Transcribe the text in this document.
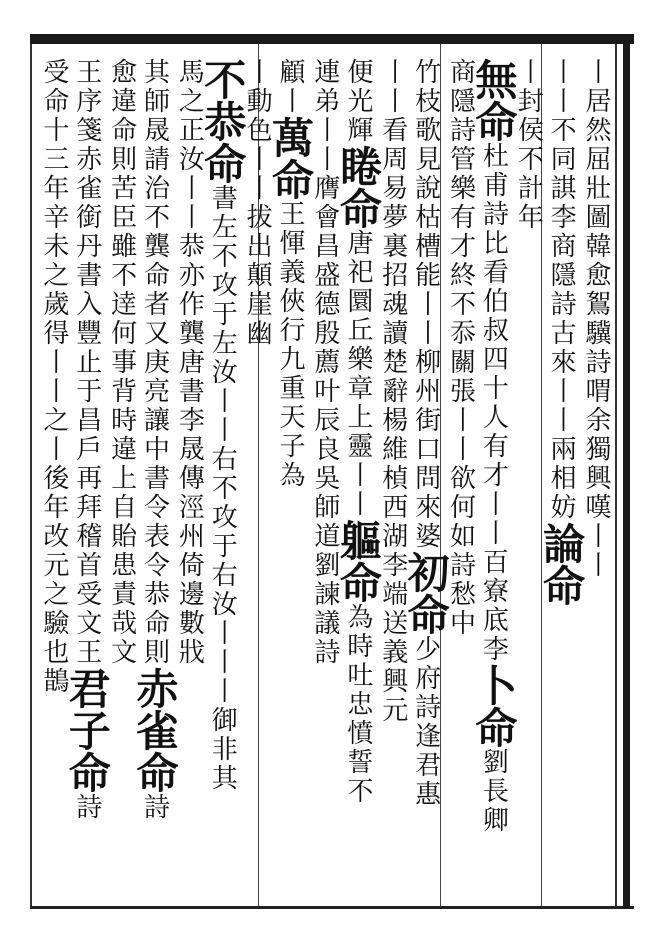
丨居然屈壯圖韓愈鴽驥詩喟余獨興嘆丨丨
丨丨不同諆李商隱詩古來丨丨兩相妨論命
丨封侯不計年
無命杜甫詩比看伯叔四十人有才丨丨百寮底李卜命劉長卿
商隱詩管樂有才終不忝關張丨丨欲何如詩愁中
竹枝歌見說枯槽能丨丨柳州街口問來婆初命少府詩逢君惠
丨丨看周易夢裏招魂讀楚辭楊維楨西湖李端送義興元
便光輝睠命唐祀圜丘樂章上靈丨丨軀命為時吐忠憤誓不
連弟丨丨膺會昌盛德殷薦叶辰良吳師道劉諫議詩
顧丨萬命王惲義俠行九重天子為
丨動色丨丨拔出顛崖幽
不恭命書左不攻于左汝丨丨右不攻于右汝丨丨丨御非其
馬之正汝丨丨恭亦作龔唐書李晟傳涇州倚邊數戕
其師晟請治不龔命者又庚亮讓中書令表令恭命則赤雀命詩
愈違命則苦臣雖不逹何事背時違上自貽患責哉文
王序箋赤雀銜丹書入豐止于昌戶再拜稽首受文王君子命詩
受命十三年辛未之歲得丨丨之丨後年改元之驗也鵲
